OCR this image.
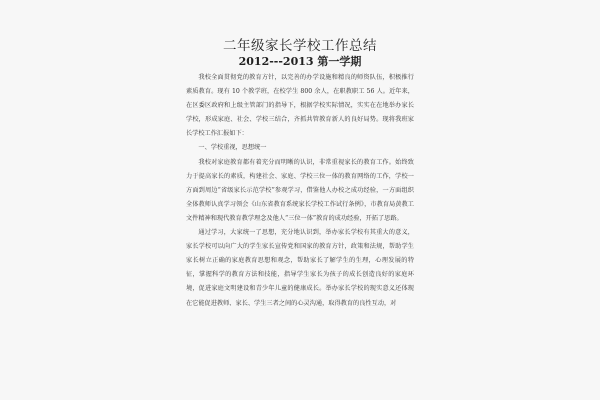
二年级家长学校工作总结
2012---2013 第一学期

我校全面贯彻党的教育方针，以完善的办学设施和精良的师资队伍，积极推行素质教育。现有 10 个教学班，在校学生 800 余人，在职教职工 56 人。近年来，在区委区政府和上级主管部门的指导下，根据学校实际情况，实实在在地举办家长学校，形成家庭、社会、学校三结合，齐抓共管教育新人的良好局势。现将我班家长学校工作汇报如下：

一、学校重视，思想统一

我校对家庭教育都有着充分而明晰的认识，非常重视家长的教育工作。始终致力于提高家长的素质，构建社会、家庭、学校三位一体的教育网络的工作，学校一方面到周边“省级家长示范学校”参观学习，借鉴他人办校之成功经验，一方面组织全体教师认真学习领会《山东省教育系统家长学校工作试行条例》，市教育局黄教工文件精神和现代教育教学理念及他人“三位一体”教育的成功经验，开拓了思路。

通过学习，大家统一了思想，充分地认识到，举办家长学校有其重大的意义，家长学校可以向广大的学生家长宣传党和国家的教育方针，政策和法规，帮助学生家长树立正确的家庭教育思想和观念，帮助家长了解学生的生理，心理发展的特征，掌握科学的教育方法和技能，指导学生家长为孩子的成长创造良好的家庭环境，促进家庭文明建设和青少年儿童的健康成长。举办家长学校的现实意义还体现在它能促进教师、家长、学生三者之间的心灵沟通，取得教育的良性互动，对
